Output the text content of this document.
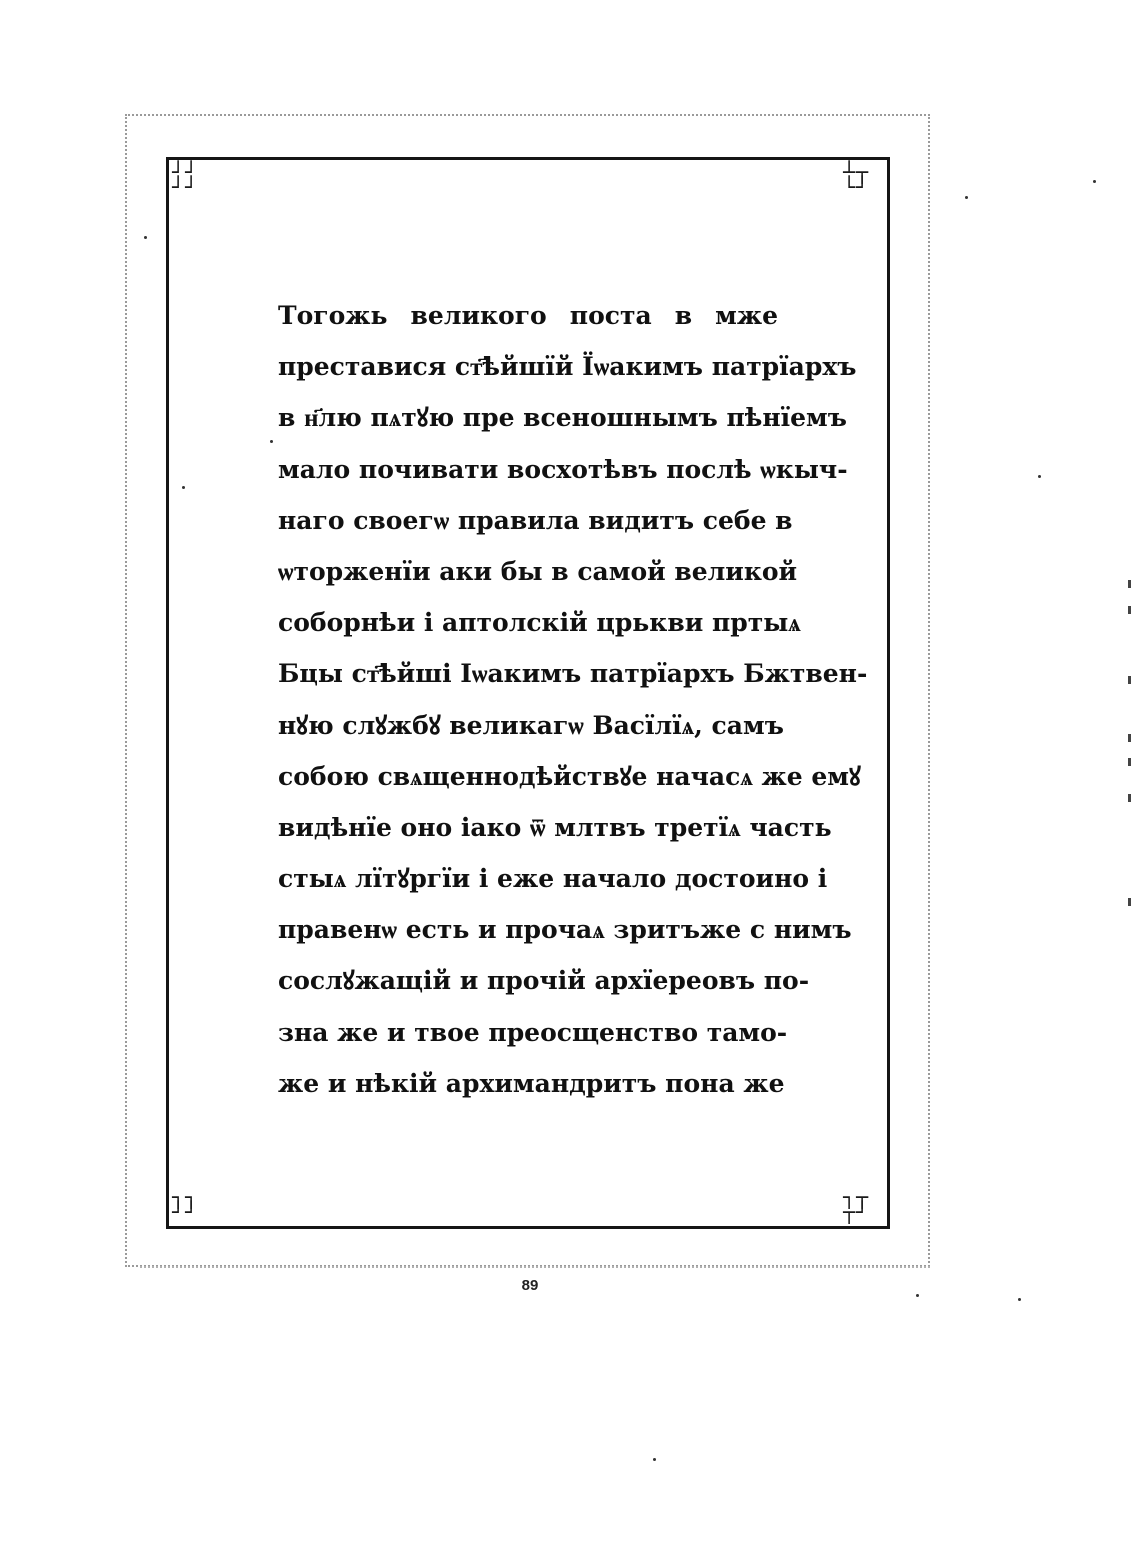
┘┘
┘┘
┴┬
└┘
┐┐
┘┘
┐┬
┬┘
Тогожь великого поста в мже
преставися ст҃ѣйшїй Їѡакимъ патрїархъ
в н҃лю пѧтꙋю пре всеношнымъ пѣнїемъ
мало почивати восхотѣвъ послѣ ѡкыч-
наго своегѡ правила видитъ себе в
ѡторженїи аки бы в самой великой
соборнѣи і аптолскій црькви пртыѧ
Бцы ст҃ѣйші Іѡакимъ патрїархъ Бжтвен-
нꙋю слꙋжбꙋ великагѡ Васїлїѧ, самъ
собою свѧщеннодѣйствꙋе начасѧ же емꙋ
видѣнїе оно іако ѿ млтвъ третїѧ часть
стыѧ лїтꙋргїи і еже начало достоино і
правенѡ есть и прочаѧ зритъже с нимъ
сослꙋжащій и прочій архїереовъ по-
зна же и твое преосщенство тамо-
же и нѣкій архимандритъ пона же
89
